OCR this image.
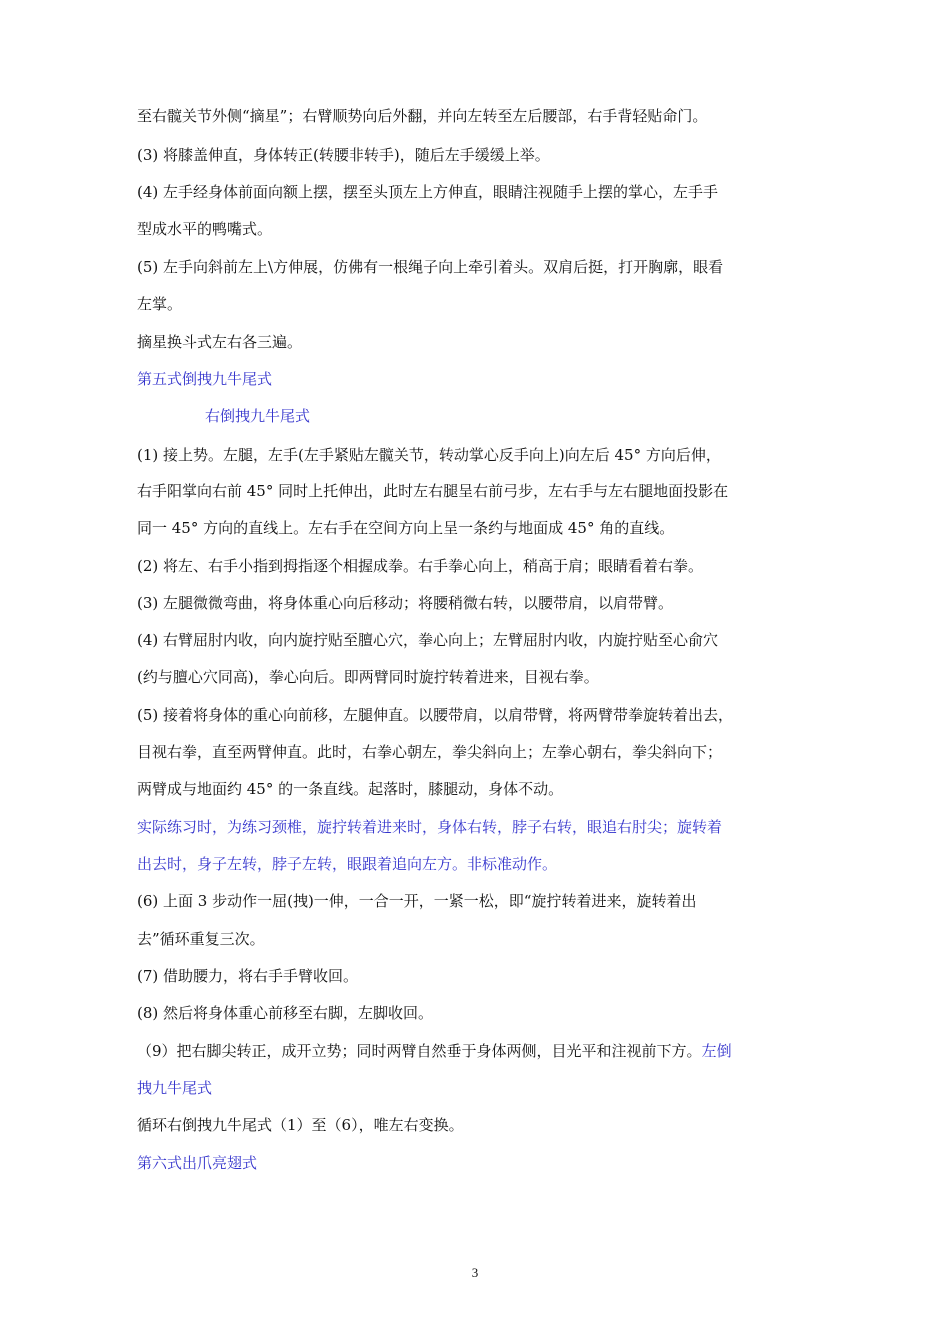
至右髋关节外侧“摘星”；右臂顺势向后外翻，并向左转至左后腰部，右手背轻贴命门。
(3) 将膝盖伸直，身体转正(转腰非转手)，随后左手缓缓上举。
(4) 左手经身体前面向额上摆，摆至头顶左上方伸直，眼睛注视随手上摆的掌心，左手手
型成水平的鸭嘴式。
(5) 左手向斜前左上\方伸展，仿佛有一根绳子向上牵引着头。双肩后挺，打开胸廓，眼看
左掌。
摘星换斗式左右各三遍。
第五式倒拽九牛尾式
右倒拽九牛尾式
(1) 接上势。左腿，左手(左手紧贴左髋关节，转动掌心反手向上)向左后 45° 方向后伸，
右手阳掌向右前 45° 同时上托伸出，此时左右腿呈右前弓步，左右手与左右腿地面投影在
同一 45° 方向的直线上。左右手在空间方向上呈一条约与地面成 45° 角的直线。
(2) 将左、右手小指到拇指逐个相握成拳。右手拳心向上，稍高于肩；眼睛看着右拳。
(3) 左腿微微弯曲，将身体重心向后移动；将腰稍微右转，以腰带肩，以肩带臂。
(4) 右臂屈肘内收，向内旋拧贴至膻心穴，拳心向上；左臂屈肘内收，内旋拧贴至心俞穴
(约与膻心穴同高)，拳心向后。即两臂同时旋拧转着进来，目视右拳。
(5) 接着将身体的重心向前移，左腿伸直。以腰带肩，以肩带臂，将两臂带拳旋转着出去，
目视右拳，直至两臂伸直。此时，右拳心朝左，拳尖斜向上；左拳心朝右，拳尖斜向下；
两臂成与地面约 45° 的一条直线。起落时，膝腿动，身体不动。
实际练习时，为练习颈椎，旋拧转着进来时，身体右转，脖子右转，眼追右肘尖；旋转着
出去时，身子左转，脖子左转，眼跟着追向左方。非标准动作。
(6) 上面 3 步动作一屈(拽)一伸，一合一开，一紧一松，即“旋拧转着进来，旋转着出
去”循环重复三次。
(7) 借助腰力，将右手手臂收回。
(8) 然后将身体重心前移至右脚，左脚收回。
（9）把右脚尖转正，成开立势；同时两臂自然垂于身体两侧，目光平和注视前下方。左倒
拽九牛尾式
循环右倒拽九牛尾式（1）至（6），唯左右变换。
第六式出爪亮翅式
3
